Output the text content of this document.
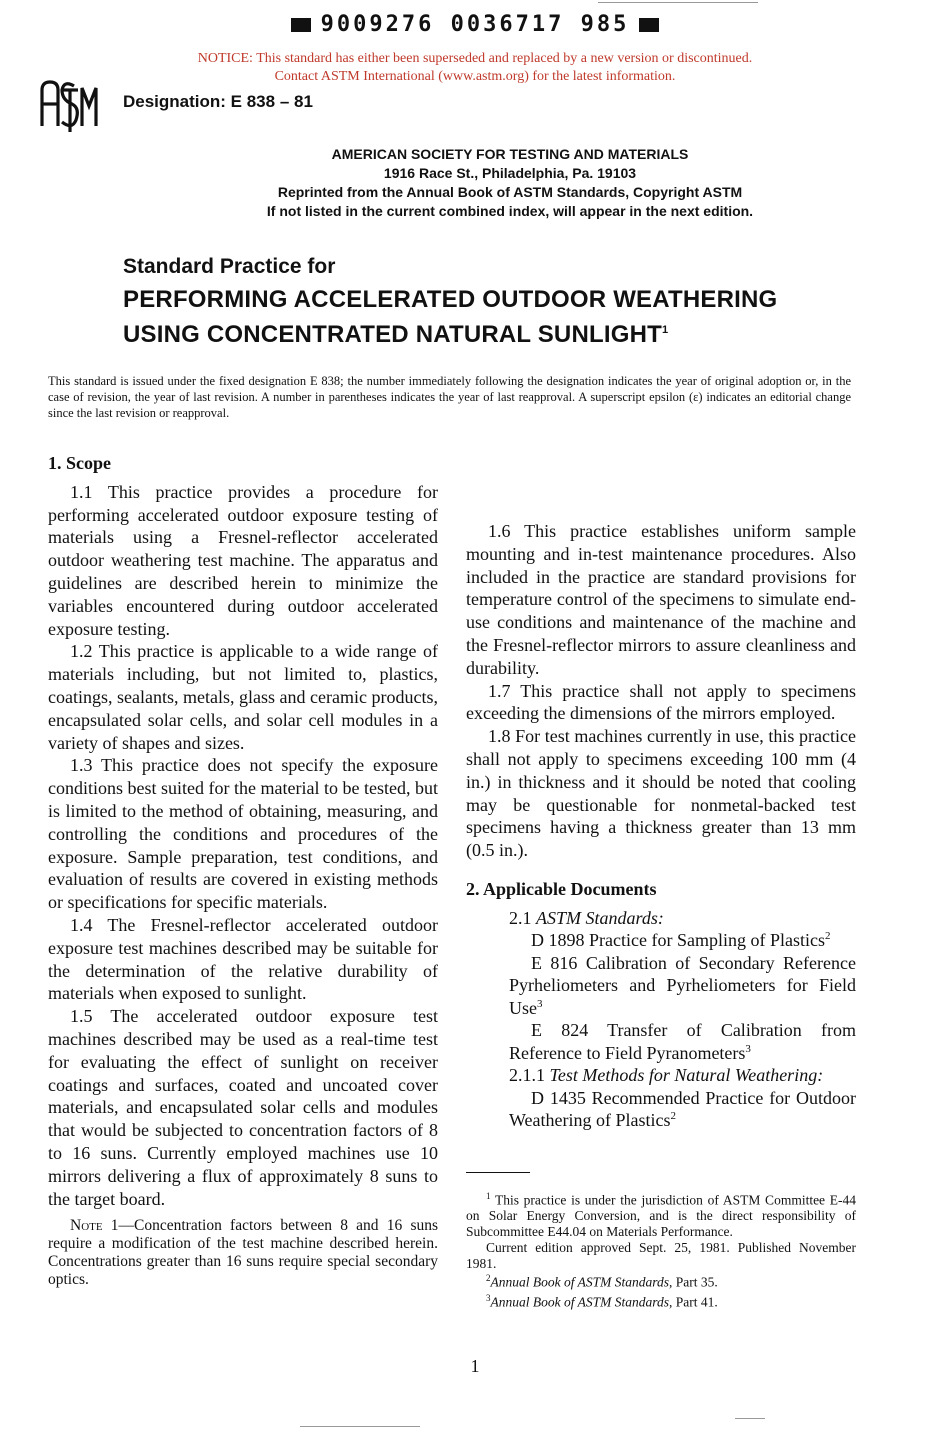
9009276 0036717 985
NOTICE: This standard has either been superseded and replaced by a new version or discontinued.
Contact ASTM International (www.astm.org) for the latest information.
Designation: E 838 – 81
AMERICAN SOCIETY FOR TESTING AND MATERIALS
1916 Race St., Philadelphia, Pa. 19103
Reprinted from the Annual Book of ASTM Standards, Copyright ASTM
If not listed in the current combined index, will appear in the next edition.
Standard Practice for
PERFORMING ACCELERATED OUTDOOR WEATHERING
USING CONCENTRATED NATURAL SUNLIGHT$^1$
This standard is issued under the fixed designation E 838; the number immediately following the designation indicates the year of original adoption or, in the case of revision, the year of last revision. A number in parentheses indicates the year of last reapproval. A superscript epsilon (ε) indicates an editorial change since the last revision or reapproval.
1. Scope

1.1 This practice provides a procedure for performing accelerated outdoor exposure testing of materials using a Fresnel-reflector accelerated outdoor weathering test machine. The apparatus and guidelines are described herein to minimize the variables encountered during outdoor accelerated exposure testing.

1.2 This practice is applicable to a wide range of materials including, but not limited to, plastics, coatings, sealants, metals, glass and ceramic products, encapsulated solar cells, and solar cell modules in a variety of shapes and sizes.

1.3 This practice does not specify the exposure conditions best suited for the material to be tested, but is limited to the method of obtaining, measuring, and controlling the conditions and procedures of the exposure. Sample preparation, test conditions, and evaluation of results are covered in existing methods or specifications for specific materials.

1.4 The Fresnel-reflector accelerated outdoor exposure test machines described may be suitable for the determination of the relative durability of materials when exposed to sunlight.

1.5 The accelerated outdoor exposure test machines described may be used as a real-time test for evaluating the effect of sunlight on receiver coatings and surfaces, coated and uncoated cover materials, and encapsulated solar cells and modules that would be subjected to concentration factors of 8 to 16 suns. Currently employed machines use 10 mirrors delivering a flux of approximately 8 suns to the target board.

Note 1—Concentration factors between 8 and 16 suns require a modification of the test machine described herein. Concentrations greater than 16 suns require special secondary optics.

1.6 This practice establishes uniform sample mounting and in-test maintenance procedures. Also included in the practice are standard provisions for temperature control of the specimens to simulate end-use conditions and maintenance of the machine and the Fresnel-reflector mirrors to assure cleanliness and durability.

1.7 This practice shall not apply to specimens exceeding the dimensions of the mirrors employed.

1.8 For test machines currently in use, this practice shall not apply to specimens exceeding 100 mm (4 in.) in thickness and it should be noted that cooling may be questionable for nonmetal-backed test specimens having a thickness greater than 13 mm (0.5 in.).

2. Applicable Documents

2.1 ASTM Standards:

D 1898 Practice for Sampling of Plastics$^2$

E 816 Calibration of Secondary Reference Pyrheliometers and Pyrheliometers for Field Use$^3$

E 824 Transfer of Calibration from Reference to Field Pyranometers$^3$

2.1.1 Test Methods for Natural Weathering:

D 1435 Recommended Practice for Outdoor Weathering of Plastics$^2$

$^1$ This practice is under the jurisdiction of ASTM Committee E-44 on Solar Energy Conversion, and is the direct responsibility of Subcommittee E44.04 on Materials Performance.

Current edition approved Sept. 25, 1981. Published November 1981.

$^2$Annual Book of ASTM Standards, Part 35.

$^3$Annual Book of ASTM Standards, Part 41.

1
